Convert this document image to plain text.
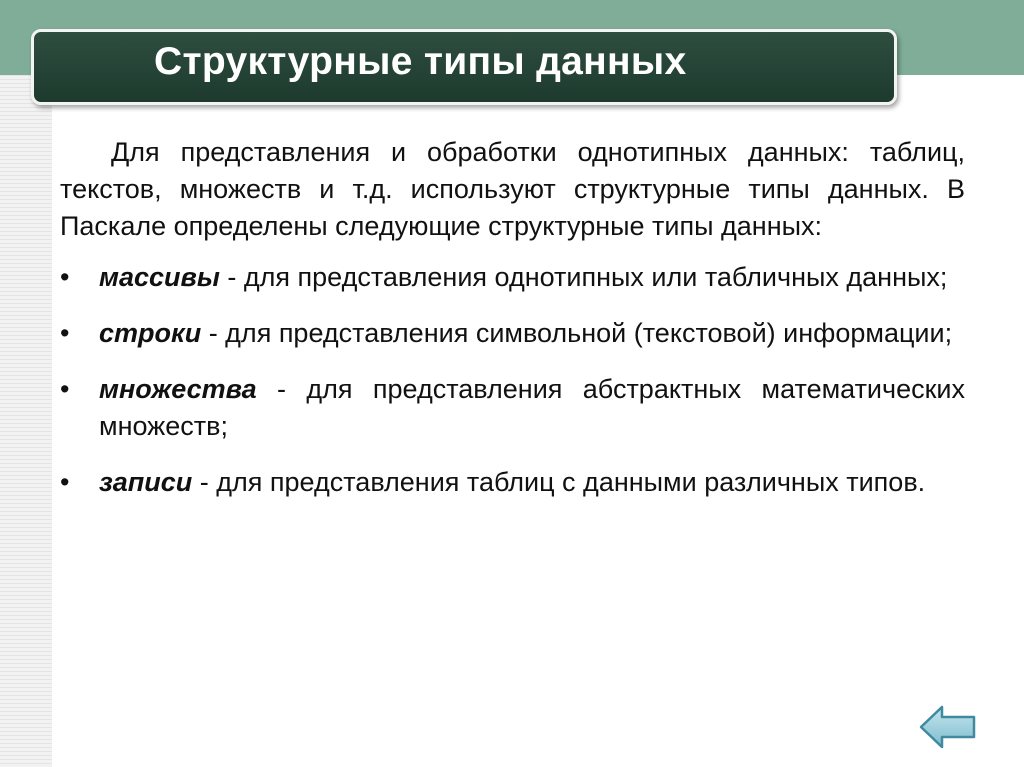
Структурные типы данных

Для представления и обработки однотипных данных: таблиц, текстов, множеств и т.д. используют структурные типы данных. В Паскале определены следующие структурные типы данных:

• массивы - для представления однотипных или табличных данных;
• строки - для представления символьной (текстовой) информации;
• множества - для представления абстрактных математических множеств;
• записи - для представления таблиц с данными различных типов.
